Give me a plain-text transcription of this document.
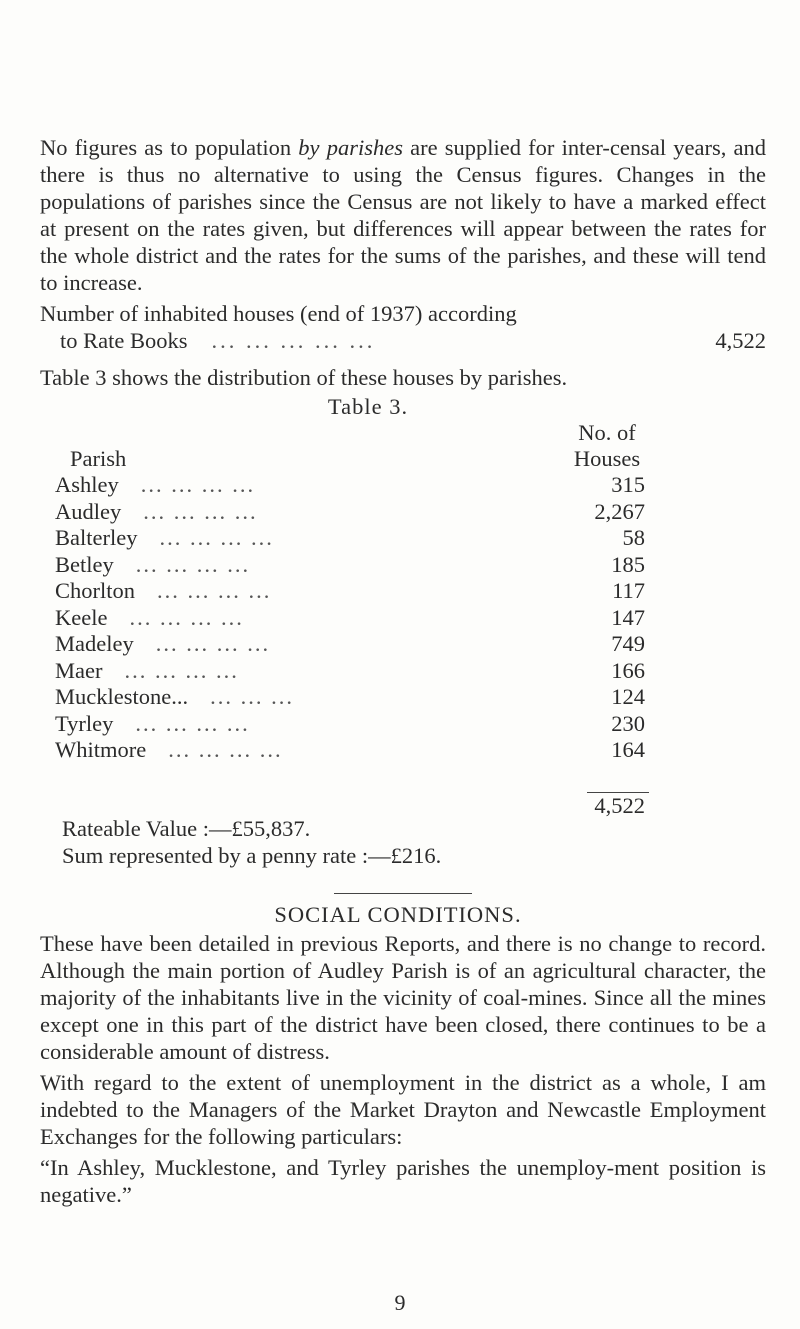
No figures as to population by parishes are supplied for inter-censal years, and there is thus no alternative to using the Census figures. Changes in the populations of parishes since the Census are not likely to have a marked effect at present on the rates given, but differences will appear between the rates for the whole district and the rates for the sums of the parishes, and these will tend to increase.

Number of inhabited houses (end of 1937) according

to Rate Books	... ... ... ... ...	4,522

Table 3 shows the distribution of these houses by parishes.

Table 3.
Parish
No. of
Houses
Ashley ... ... ... ...	315
Audley ... ... ... ...	2,267
Balterley ... ... ... ...	58
Betley ... ... ... ...	185
Chorlton ... ... ... ...	117
Keele ... ... ... ...	147
Madeley ... ... ... ...	749
Maer ... ... ... ...	166
Mucklestone... ... ... ...	124
Tyrley ... ... ... ...	230
Whitmore ... ... ... ...	164
4,522

Rateable Value :—£55,837.

Sum represented by a penny rate :—£216.

SOCIAL CONDITIONS.

These have been detailed in previous Reports, and there is no change to record. Although the main portion of Audley Parish is of an agricultural character, the majority of the inhabitants live in the vicinity of coal-mines. Since all the mines except one in this part of the district have been closed, there continues to be a considerable amount of distress.

With regard to the extent of unemployment in the district as a whole, I am indebted to the Managers of the Market Drayton and Newcastle Employment Exchanges for the following particulars:

“In Ashley, Mucklestone, and Tyrley parishes the unemploy-ment position is negative.”

9
